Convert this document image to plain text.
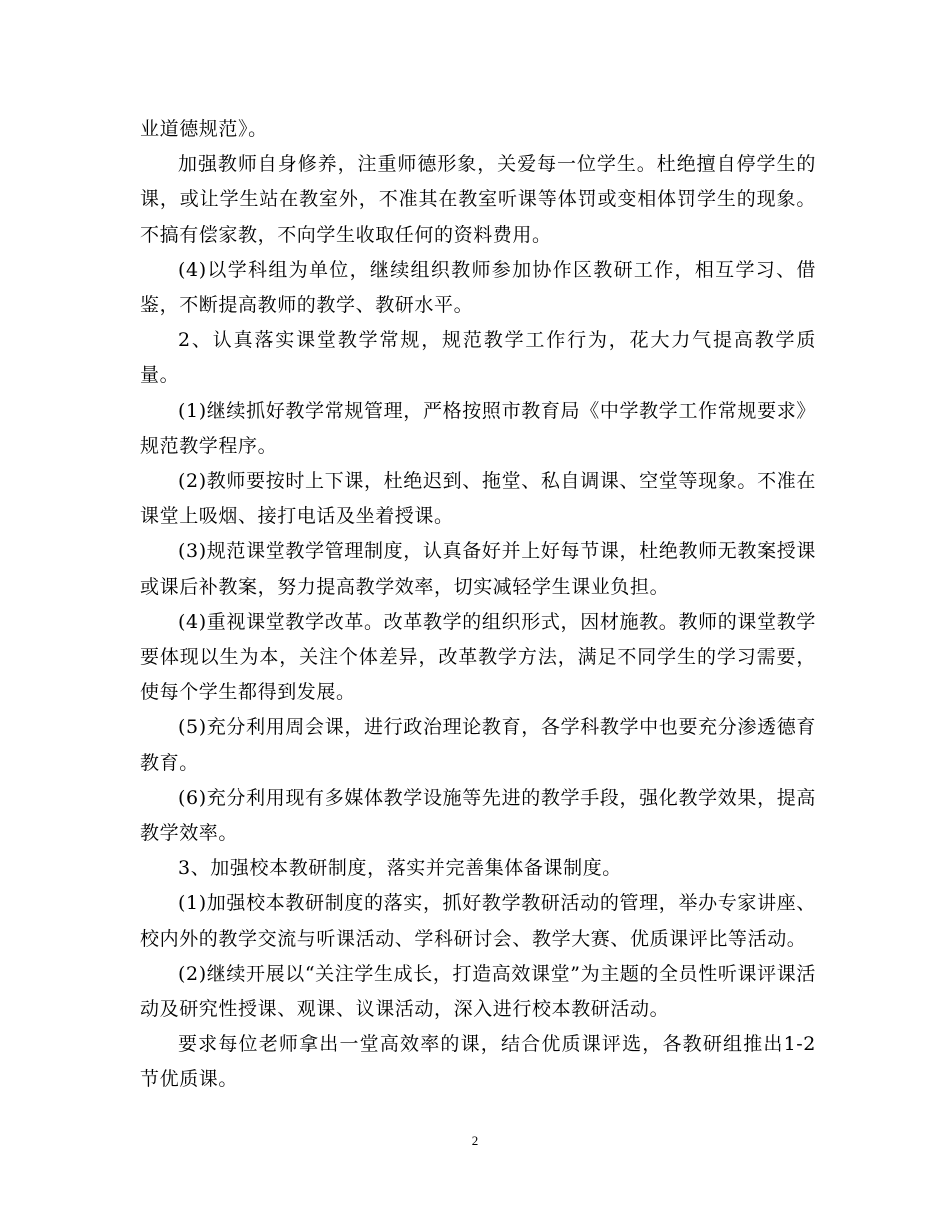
业道德规范》。

加强教师自身修养，注重师德形象，关爱每一位学生。杜绝擅自停学生的课，或让学生站在教室外，不准其在教室听课等体罚或变相体罚学生的现象。不搞有偿家教，不向学生收取任何的资料费用。

(4)以学科组为单位，继续组织教师参加协作区教研工作，相互学习、借鉴，不断提高教师的教学、教研水平。

2、认真落实课堂教学常规，规范教学工作行为，花大力气提高教学质量。

(1)继续抓好教学常规管理，严格按照市教育局《中学教学工作常规要求》规范教学程序。

(2)教师要按时上下课，杜绝迟到、拖堂、私自调课、空堂等现象。不准在课堂上吸烟、接打电话及坐着授课。

(3)规范课堂教学管理制度，认真备好并上好每节课，杜绝教师无教案授课或课后补教案，努力提高教学效率，切实减轻学生课业负担。

(4)重视课堂教学改革。改革教学的组织形式，因材施教。教师的课堂教学要体现以生为本，关注个体差异，改革教学方法，满足不同学生的学习需要，使每个学生都得到发展。

(5)充分利用周会课，进行政治理论教育，各学科教学中也要充分渗透德育教育。

(6)充分利用现有多媒体教学设施等先进的教学手段，强化教学效果，提高教学效率。

3、加强校本教研制度，落实并完善集体备课制度。

(1)加强校本教研制度的落实，抓好教学教研活动的管理，举办专家讲座、校内外的教学交流与听课活动、学科研讨会、教学大赛、优质课评比等活动。

(2)继续开展以“关注学生成长，打造高效课堂”为主题的全员性听课评课活动及研究性授课、观课、议课活动，深入进行校本教研活动。

要求每位老师拿出一堂高效率的课，结合优质课评选，各教研组推出1-2节优质课。

2
